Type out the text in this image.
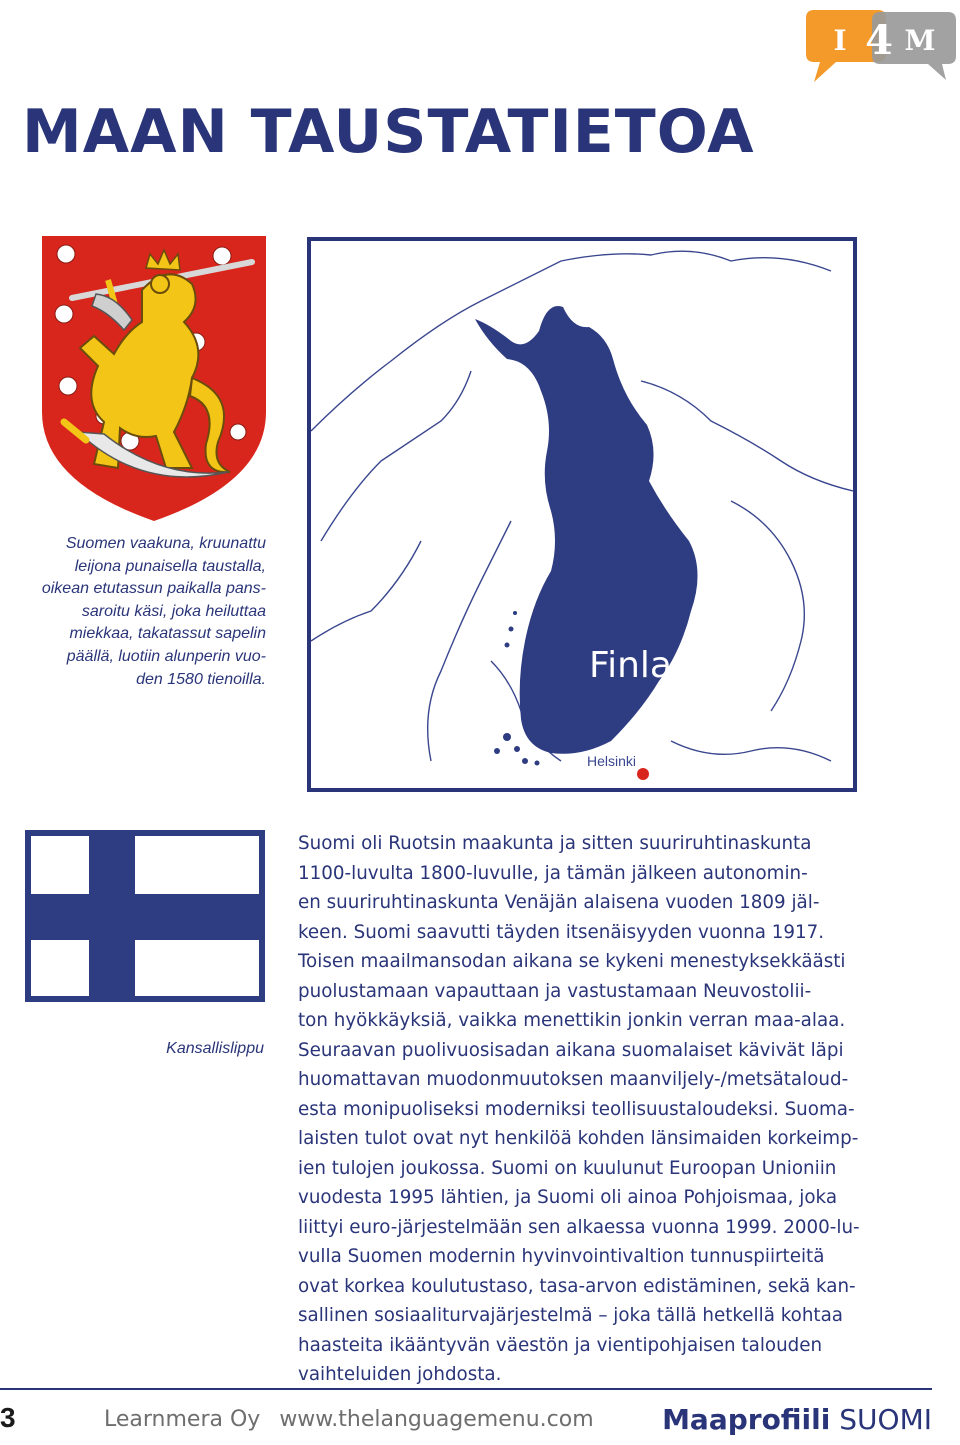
I 4 M
MAAN TAUSTATIETOA
Suomen vaakuna, kruunattu
leijona punaisella taustalla,
oikean etutassun paikalla pans-
saroitu käsi, joka heiluttaa
miekkaa, takatassut sapelin
päällä, luotiin alunperin vuo-
den 1580 tienoilla.	Finland
Helsinki
Kansallislippu
Suomi oli Ruotsin maakunta ja sitten suuriruhtinaskunta
1100-luvulta 1800-luvulle, ja tämän jälkeen autonomin-
en suuriruhtinaskunta Venäjän alaisena vuoden 1809 jäl-
keen. Suomi saavutti täyden itsenäisyyden vuonna 1917.
Toisen maailmansodan aikana se kykeni menestyksekkäästi
puolustamaan vapauttaan ja vastustamaan Neuvostolii-
ton hyökkäyksiä, vaikka menettikin jonkin verran maa-alaa.
Seuraavan puolivuosisadan aikana suomalaiset kävivät läpi
huomattavan muodonmuutoksen maanviljely-/metsätaloud-
esta monipuoliseksi moderniksi teollisuustaloudeksi. Suoma-
laisten tulot ovat nyt henkilöä kohden länsimaiden korkeimp-
ien tulojen joukossa. Suomi on kuulunut Euroopan Unioniin
vuodesta 1995 lähtien, ja Suomi oli ainoa Pohjoismaa, joka
liittyi euro-järjestelmään sen alkaessa vuonna 1999. 2000-lu-
vulla Suomen modernin hyvinvointivaltion tunnuspiirteitä
ovat korkea koulutustaso, tasa-arvon edistäminen, sekä kan-
sallinen sosiaaliturvajärjestelmä – joka tällä hetkellä kohtaa
haasteita ikääntyvän väestön ja vientipohjaisen talouden
vaihteluiden johdosta.
3	Learnmera Oy www.thelanguagemenu.com Maaprofiili SUOMI
